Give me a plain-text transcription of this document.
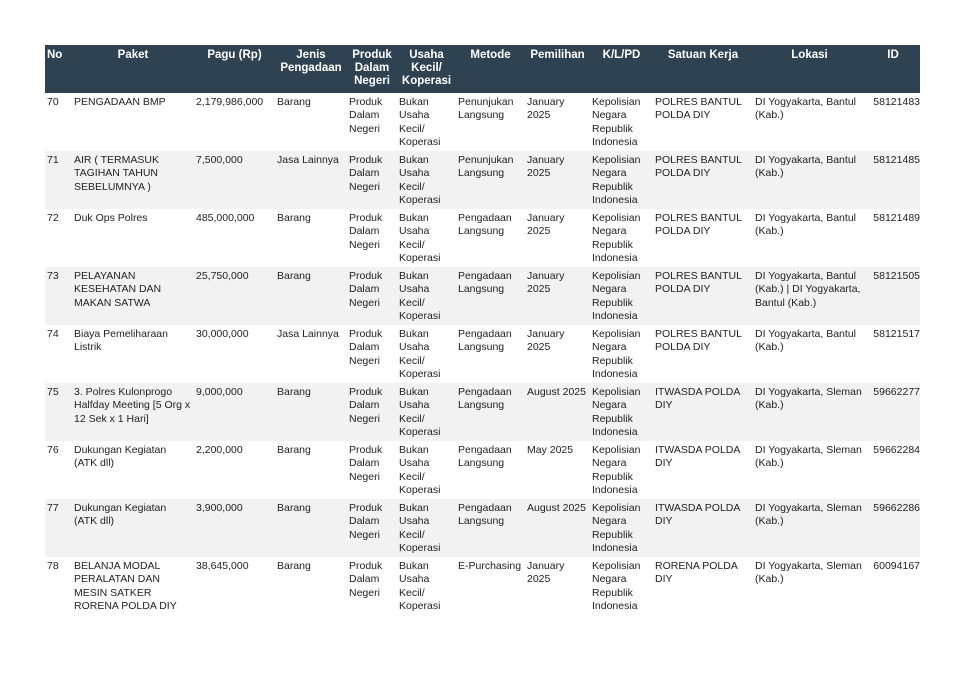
No	Paket	Pagu (Rp)	Jenis Pengadaan	Produk Dalam Negeri	Usaha Kecil/ Koperasi	Metode	Pemilihan	K/L/PD	Satuan Kerja	Lokasi	ID
70	PENGADAAN BMP	2,179,986,000	Barang	Produk Dalam Negeri	Bukan Usaha Kecil/ Koperasi	Penunjukan Langsung	January 2025	Kepolisian Negara Republik Indonesia	POLRES BANTUL POLDA DIY	DI Yogyakarta, Bantul (Kab.)	58121483
71	AIR ( TERMASUK TAGIHAN TAHUN SEBELUMNYA )	7,500,000	Jasa Lainnya	Produk Dalam Negeri	Bukan Usaha Kecil/ Koperasi	Penunjukan Langsung	January 2025	Kepolisian Negara Republik Indonesia	POLRES BANTUL POLDA DIY	DI Yogyakarta, Bantul (Kab.)	58121485
72	Duk Ops Polres	485,000,000	Barang	Produk Dalam Negeri	Bukan Usaha Kecil/ Koperasi	Pengadaan Langsung	January 2025	Kepolisian Negara Republik Indonesia	POLRES BANTUL POLDA DIY	DI Yogyakarta, Bantul (Kab.)	58121489
73	PELAYANAN KESEHATAN DAN MAKAN SATWA	25,750,000	Barang	Produk Dalam Negeri	Bukan Usaha Kecil/ Koperasi	Pengadaan Langsung	January 2025	Kepolisian Negara Republik Indonesia	POLRES BANTUL POLDA DIY	DI Yogyakarta, Bantul (Kab.) | DI Yogyakarta, Bantul (Kab.)	58121505
74	Biaya Pemeliharaan Listrik	30,000,000	Jasa Lainnya	Produk Dalam Negeri	Bukan Usaha Kecil/ Koperasi	Pengadaan Langsung	January 2025	Kepolisian Negara Republik Indonesia	POLRES BANTUL POLDA DIY	DI Yogyakarta, Bantul (Kab.)	58121517
75	3. Polres Kulonprogo Halfday Meeting [5 Org x 12 Sek x 1 Hari]	9,000,000	Barang	Produk Dalam Negeri	Bukan Usaha Kecil/ Koperasi	Pengadaan Langsung	August 2025	Kepolisian Negara Republik Indonesia	ITWASDA POLDA DIY	DI Yogyakarta, Sleman (Kab.)	59662277
76	Dukungan Kegiatan (ATK dll)	2,200,000	Barang	Produk Dalam Negeri	Bukan Usaha Kecil/ Koperasi	Pengadaan Langsung	May 2025	Kepolisian Negara Republik Indonesia	ITWASDA POLDA DIY	DI Yogyakarta, Sleman (Kab.)	59662284
77	Dukungan Kegiatan (ATK dll)	3,900,000	Barang	Produk Dalam Negeri	Bukan Usaha Kecil/ Koperasi	Pengadaan Langsung	August 2025	Kepolisian Negara Republik Indonesia	ITWASDA POLDA DIY	DI Yogyakarta, Sleman (Kab.)	59662286
78	BELANJA MODAL PERALATAN DAN MESIN SATKER RORENA POLDA DIY	38,645,000	Barang	Produk Dalam Negeri	Bukan Usaha Kecil/ Koperasi	E-Purchasing	January 2025	Kepolisian Negara Republik Indonesia	RORENA POLDA DIY	DI Yogyakarta, Sleman (Kab.)	60094167
